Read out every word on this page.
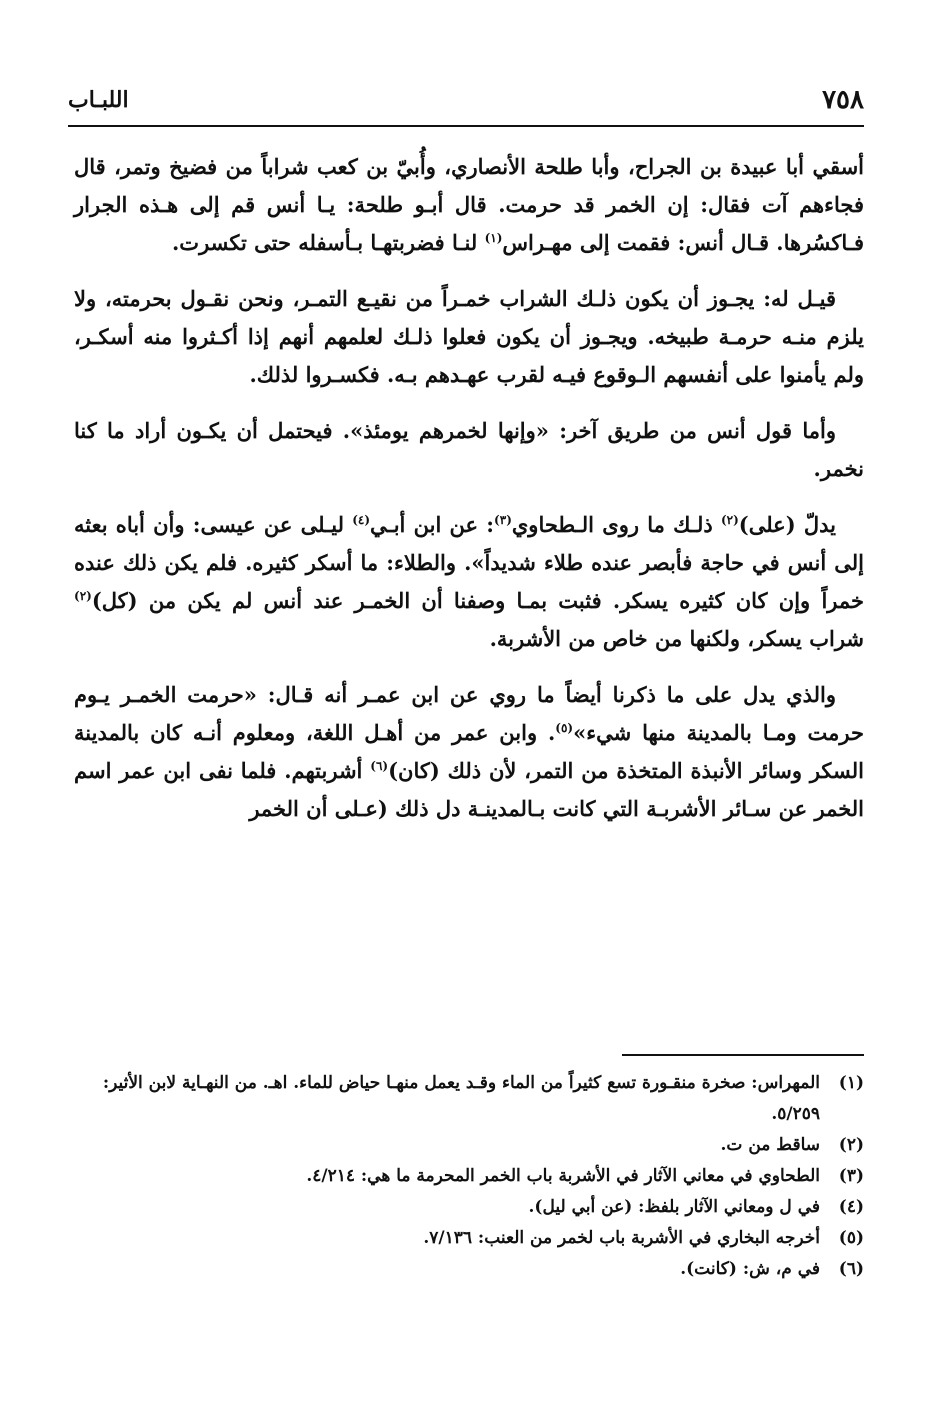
٧٥٨
اللبـاب

أسقي أبا عبيدة بن الجراح، وأبا طلحة الأنصاري، وأُبيّ بن كعب شراباً من فضيخ وتمر، قال فجاءهم آت فقال: إن الخمر قد حرمت. قال أبـو طلحة: يـا أنس قم إلى هـذه الجرار فـاكسُرها. قـال أنس: فقمت إلى مهـراس$^{(١)}$ لنـا فضربتهـا بـأسفله حتى تكسرت.

قيـل له: يجـوز أن يكون ذلـك الشراب خمـراً من نقيـع التمـر، ونحن نقـول بحرمته، ولا يلزم منـه حرمـة طبيخه. ويجـوز أن يكون فعلوا ذلـك لعلمهم أنهم إذا أكـثروا منه أسكـر، ولم يأمنوا على أنفسهم الـوقوع فيـه لقرب عهـدهم بـه. فكسـروا لذلك.

وأما قول أنس من طريق آخر: «وإنها لخمرهم يومئذ». فيحتمل أن يكـون أراد ما كنا نخمر.

يدلّ (على)$^{(٢)}$ ذلـك ما روى الـطحاوي$^{(٣)}$: عن ابن أبـي$^{(٤)}$ ليـلى عن عيسى: وأن أباه بعثه إلى أنس في حاجة فأبصر عنده طلاء شديداً». والطلاء: ما أسكر كثيره. فلم يكن ذلك عنده خمراً وإن كان كثيره يسكر. فثبت بمـا وصفنا أن الخمـر عند أنس لم يكن من (كل)$^{(٢)}$ شراب يسكر، ولكنها من خاص من الأشربة.

والذي يدل على ما ذكرنا أيضاً ما روي عن ابن عمـر أنه قـال: «حرمت الخمـر يـوم حرمت ومـا بالمدينة منها شيء»$^{(٥)}$. وابن عمر من أهـل اللغة، ومعلوم أنـه كان بالمدينة السكر وسائر الأنبذة المتخذة من التمر، لأن ذلك (كان)$^{(٦)}$ أشربتهم. فلما نفى ابن عمر اسم الخمر عن سـائر الأشربـة التي كانت بـالمدينـة دل ذلك (عـلى أن الخمر

(١)
المهراس: صخرة منقـورة تسع كثيراً من الماء وقـد يعمل منهـا حياض للماء. اهـ. من النهـاية لابن الأثير: ٥/٢٥٩.
(٢)
ساقط من ت.
(٣)
الطحاوي في معاني الآثار في الأشربة باب الخمر المحرمة ما هي: ٤/٢١٤.
(٤)
في ل ومعاني الآثار بلفظ: (عن أبي ليل).
(٥)
أخرجه البخاري في الأشربة باب لخمر من العنب: ٧/١٣٦.
(٦)
في م، ش: (كانت).
